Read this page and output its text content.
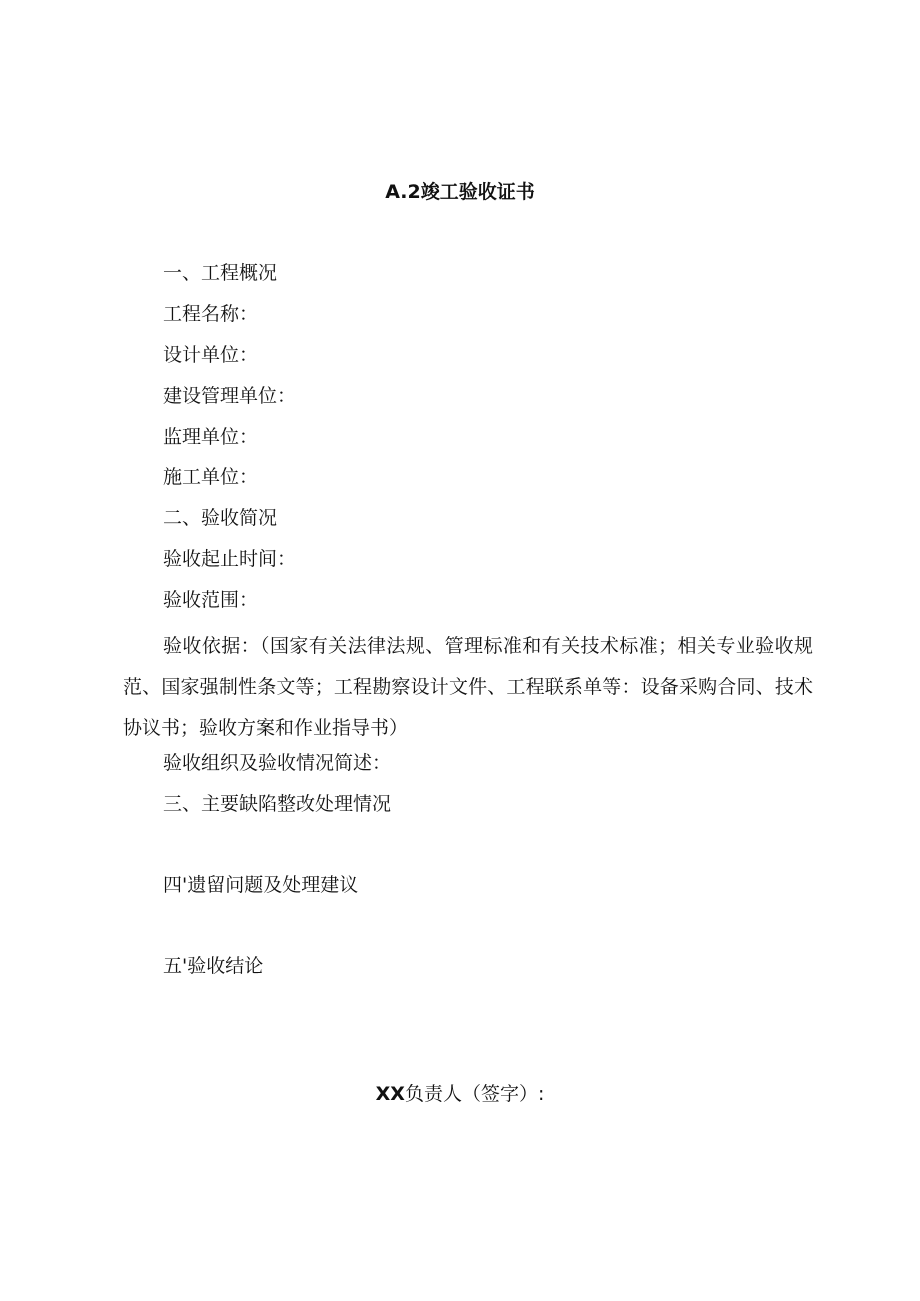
A.2竣工验收证书
一、工程概况
工程名称：
设计单位：
建设管理单位：
监理单位：
施工单位：
二、验收简况
验收起止时间：
验收范围：
验收依据：（国家有关法律法规、管理标准和有关技术标准；相关专业验收规范、国家强制性条文等；工程勘察设计文件、工程联系单等：设备采购合同、技术协议书；验收方案和作业指导书）
验收组织及验收情况简述：
三、主要缺陷整改处理情况
四'遗留问题及处理建议
五'验收结论
XX负责人（签字）:
